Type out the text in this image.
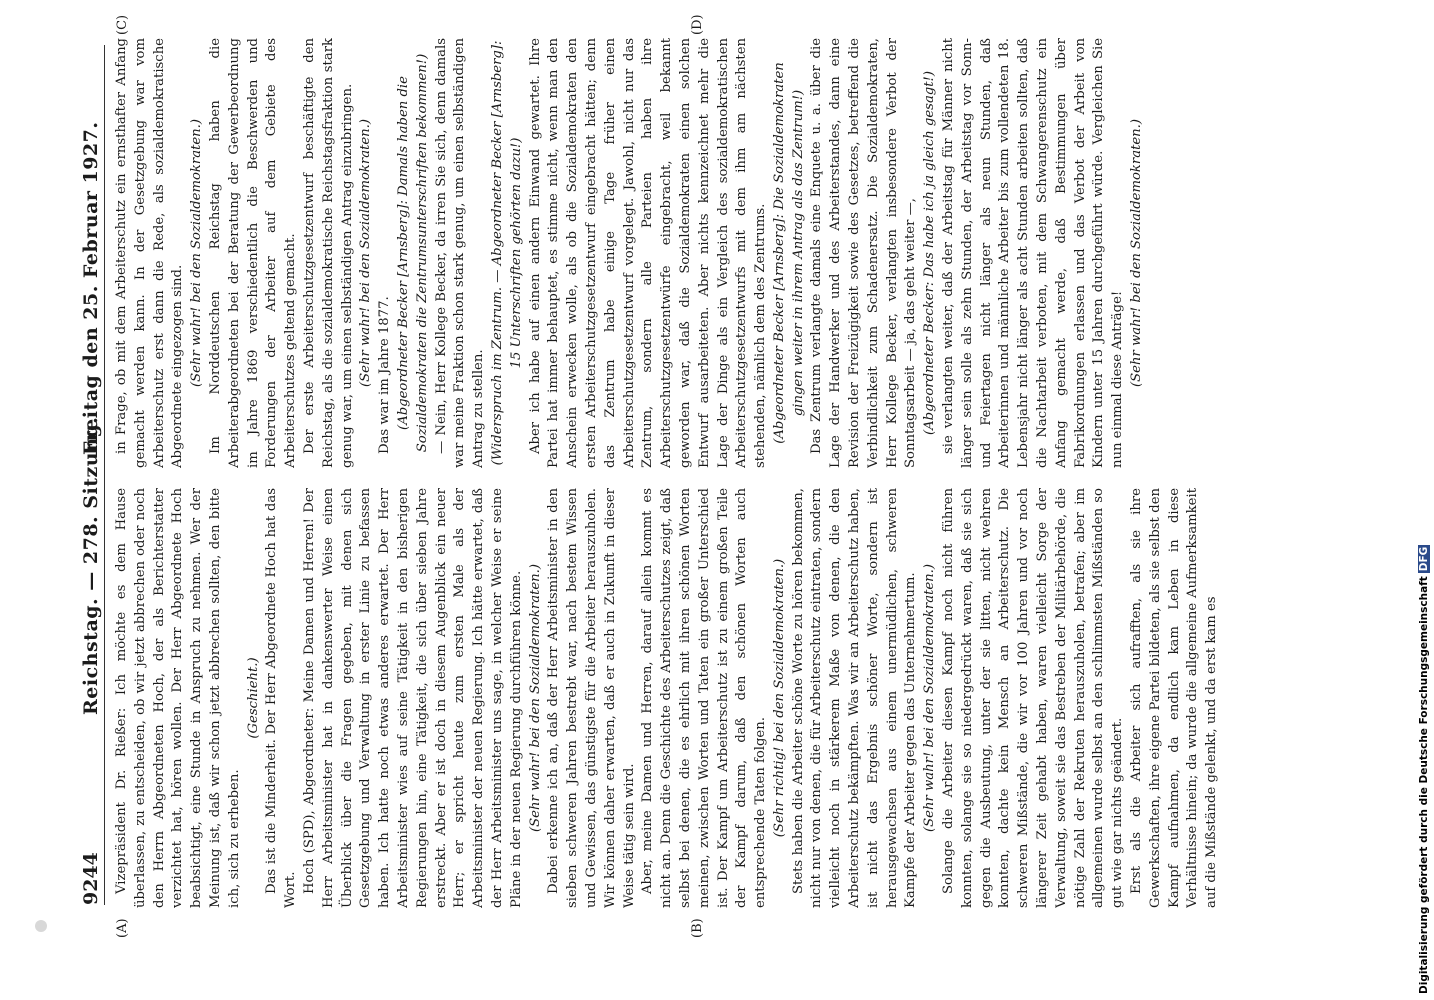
9244
Reichstag. — 278. Sitzung.
Freitag den 25. Februar 1927.
(A)	(B)
(C)	(D)

Vizepräsident Dr. Rießer: Ich möchte es dem Hause überlassen, zu entscheiden, ob wir jetzt abbrechen oder noch den Herrn Abgeordneten Hoch, der als Berichterstatter verzichtet hat, hören wollen. Der Herr Abgeordnete Hoch beabsichtigt, eine Stunde in Anspruch zu nehmen. Wer der Meinung ist, daß wir schon jetzt abbrechen sollten, den bitte ich, sich zu erheben.

(Geschieht.) Das ist die Minderheit. Der Herr Abgeordnete Hoch hat das Wort. Hoch (SPD), Abgeordneter: Meine Damen und Herren! Der Herr Arbeitsminister hat in dankenswerter Weise einen Überblick über die Fragen gegeben, mit denen sich Gesetzgebung und Verwaltung in erster Linie zu befassen haben. Ich hatte noch etwas anderes erwartet. Der Herr Arbeitsminister wies auf seine Tätigkeit in den bisherigen Regierungen hin, eine Tätigkeit, die sich über sieben Jahre erstreckt. Aber er ist doch in diesem Augenblick ein neuer Herr; er spricht heute zum ersten Male als der Arbeitsminister der neuen Regierung. Ich hätte erwartet, daß der Herr Arbeitsminister uns sage, in welcher Weise er seine Pläne in der neuen Regierung durchführen könne. (Sehr wahr! bei den Sozialdemokraten.) Dabei erkenne ich an, daß der Herr Arbeitsminister in den sieben schweren Jahren bestrebt war, nach bestem Wissen und Gewissen, das günstigste für die Arbeiter herauszuholen. Wir können daher erwarten, daß er auch in Zukunft in dieser Weise tätig sein wird. Aber, meine Damen und Herren, darauf allein kommt es nicht an. Denn die Geschichte des Arbeiterschutzes zeigt, daß selbst bei denen, die es ehrlich mit ihren schönen Worten meinen, zwischen Worten und Taten ein großer Unterschied ist. Der Kampf um Arbeiterschutz ist zu einem großen Teile der Kampf darum, daß den schönen Worten auch entsprechende Taten folgen. (Sehr richtig! bei den Sozialdemokraten.) Stets haben die Arbeiter schöne Worte zu hören bekommen, nicht nur von denen, die für Arbeiterschutz eintraten, sondern vielleicht noch in stärkerem Maße von denen, die den Arbeiterschutz bekämpften. Was wir an Arbeiterschutz haben, ist nicht das Ergebnis schöner Worte, sondern ist herausgewachsen aus einem unermüdlichen, schweren Kampfe der Arbeiter gegen das Unternehmertum. (Sehr wahr! bei den Sozialdemokraten.) Solange die Arbeiter diesen Kampf noch nicht führen konnten, solange sie so niedergedrückt waren, daß sie sich gegen die Ausbeutung, unter der sie litten, nicht wehren konnten, dachte kein Mensch an Arbeiterschutz. Die schweren Mißstände, die wir vor 100 Jahren und vor noch längerer Zeit gehabt haben, waren vielleicht Sorge der Verwaltung, soweit sie das Bestreben der Militärbehörde, die nötige Zahl der Rekruten herauszuholen, betrafen; aber im allgemeinen wurde selbst an den schlimmsten Mißständen so gut wie gar nichts geändert. Erst als die Arbeiter sich aufrafften, als sie ihre Gewerkschaften, ihre eigene Partei bildeten, als sie selbst den Kampf aufnahmen, da endlich kam Leben in diese Verhältnisse hinein; da wurde die allgemeine Aufmerksamkeit auf die Mißstände gelenkt, und da erst kam es

in Frage, ob mit dem Arbeiterschutz ein ernsthafter Anfang gemacht werden kann. In der Gesetzgebung war vom Arbeiterschutz erst dann die Rede, als sozialdemokratische Abgeordnete eingezogen sind. (Sehr wahr! bei den Sozialdemokraten.) Im Norddeutschen Reichstag haben die Arbeiterabgeordneten bei der Beratung der Gewerbeordnung im Jahre 1869 verschiedentlich die Beschwerden und Forderungen der Arbeiter auf dem Gebiete des Arbeiterschutzes geltend gemacht. Der erste Arbeiterschutzgesetzentwurf beschäftigte den Reichstag, als die sozialdemokratische Reichstagsfraktion stark genug war, um einen selbständigen Antrag einzubringen. (Sehr wahr! bei den Sozialdemokraten.) Das war im Jahre 1877. (Abgeordneter Becker [Arnsberg]: Damals haben die Sozialdemokraten die Zentrumsunterschriften bekommen!) — Nein, Herr Kollege Becker, da irren Sie sich, denn damals war meine Fraktion schon stark genug, um einen selbständigen Antrag zu stellen. (Widerspruch im Zentrum. — Abgeordneter Becker [Arnsberg]: 15 Unterschriften gehörten dazu!) Aber ich habe auf einen andern Einwand gewartet. Ihre Partei hat immer behauptet, es stimme nicht, wenn man den Anschein erwecken wolle, als ob die Sozialdemokraten den ersten Arbeiterschutzgesetzentwurf eingebracht hätten; denn das Zentrum habe einige Tage früher einen Arbeiterschutzgesetzentwurf vorgelegt. Jawohl, nicht nur das Zentrum, sondern alle Parteien haben ihre Arbeiterschutzgesetzentwürfe eingebracht, weil bekannt geworden war, daß die Sozialdemokraten einen solchen Entwurf ausarbeiteten. Aber nichts kennzeichnet mehr die Lage der Dinge als ein Vergleich des sozialdemokratischen Arbeiterschutzgesetzentwurfs mit dem ihm am nächsten stehenden, nämlich dem des Zentrums. (Abgeordneter Becker [Arnsberg]: Die Sozialdemokraten gingen weiter in ihrem Antrag als das Zentrum!) Das Zentrum verlangte damals eine Enquete u. a. über die Lage der Handwerker und des Arbeiterstandes, dann eine Revision der Freizügigkeit sowie des Gesetzes, betreffend die Verbindlichkeit zum Schadenersatz. Die Sozialdemokraten, Herr Kollege Becker, verlangten insbesondere Verbot der Sonntagsarbeit — ja, das geht weiter —, (Abgeordneter Becker: Das habe ich ja gleich gesagt!) sie verlangten weiter, daß der Arbeitstag für Männer nicht länger sein solle als zehn Stunden, der Arbeitstag vor Sonn- und Feiertagen nicht länger als neun Stunden, daß Arbeiterinnen und männliche Arbeiter bis zum vollendeten 18. Lebensjahr nicht länger als acht Stunden arbeiten sollten, daß die Nachtarbeit verboten, mit dem Schwangerenschutz ein Anfang gemacht werde, daß Bestimmungen über Fabrikordnungen erlassen und das Verbot der Arbeit von Kindern unter 15 Jahren durchgeführt würde. Vergleichen Sie nun einmal diese Anträge! (Sehr wahr! bei den Sozialdemokraten.)

Digitalisierung gefördert durch die Deutsche ForschungsgemeinschaftDFG
